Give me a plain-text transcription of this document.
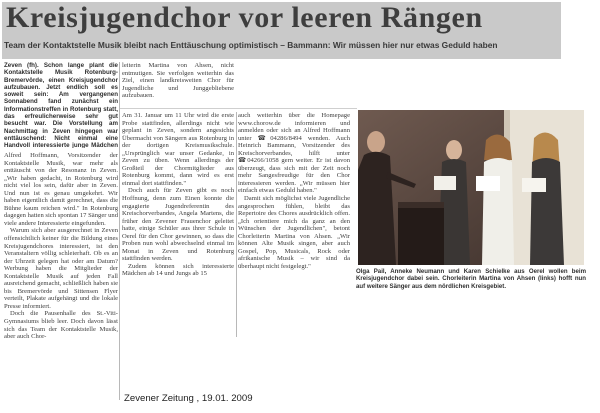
Kreisjugendchor vor leeren Rängen
Team der Kontaktstelle Musik bleibt nach Enttäuschung optimistisch – Bammann: Wir müssen hier nur etwas Geduld haben
Zeven (fh). Schon lange plant die Kontaktstelle Musik Rotenburg-Bremervörde, einen Kreisjugendchor aufzubauen. Jetzt endlich soll es soweit sein: Am vergangenen Sonnabend fand zunächst ein Informationstreffen in Rotenburg statt, das erfreulicherweise sehr gut besucht war. Die Vorstellung am Nachmittag in Zeven hingegen war enttäuschend: Nicht einmal eine Handvoll interessierte junge Mädchen

Alfred Hoffmann, Vorsitzender der Kontaktstelle Musik, war mehr als enttäuscht von der Resonanz in Zeven. „Wir haben gedacht, in Rotenburg wird nicht viel los sein, dafür aber in Zeven. Und nun ist es genau umgekehrt. Wir haben eigentlich damit gerechnet, dass die Bühne kaum reichen wird." In Rotenburg dagegen hatten sich spontan 17 Sänger und viele andere Interessierte eingefunden.

Warum sich aber ausgerechnet in Zeven offensichtlich keiner für die Bildung eines Kreisjugendchores interessiert, ist den Veranstaltern völlig schleierhaft. Ob es an der Uhrzeit gelegen hat oder am Datum? Werbung haben die Mitglieder der Kontaktstelle Musik auf jeden Fall ausreichend gemacht, schließlich haben sie bis Bremervörde und Sittensen Flyer verteilt, Plakate aufgehängt und die lokale Presse informiert.

Doch die Pausenhalle des St.-Viti-Gymnasiums blieb leer. Doch davon lässt sich das Team der Kontaktstelle Musik, aber auch Chor-

leiterin Martina von Ahsen, nicht entmutigen. Sie verfolgen weiterhin das Ziel, einen landkreisweiten Chor für Jugendliche und Junggebliebene aufzubauen.

Am 31. Januar um 11 Uhr wird die erste Probe stattfinden, allerdings nicht wie geplant in Zeven, sondern angesichts Übermacht von Sängern aus Rotenburg in der dortigen Kreismusikschule. „Ursprünglich war unser Gedanke, in Zeven zu üben. Wenn allerdings der Großteil der Chormitglieder aus Rotenburg kommt, dann wird es erst einmal dort stattfinden."

Doch auch für Zeven gibt es noch Hoffnung, denn zum Einen konnte die engagierte Jugendreferentin des Kreischorverbandes, Angela Martens, die früher den Zevener Frauenchor geleitet hatte, einige Schüler aus ihrer Schule in Oerel für den Chor gewinnen, so dass die Proben nun wohl abwechselnd einmal im Monat in Zeven und Rotenburg stattfinden werden.

Zudem können sich interessierte Mädchen ab 14 und Jungs ab 15

auch weiterhin über die Homepage www.chorow.de informieren und anmelden oder sich an Alfred Hoffmann unter ☎04286/8494 wenden. Auch Heinrich Bammann, Vorsitzender des Kreischorverbandes, hilft unter ☎04266/1058 gern weiter. Er ist davon überzeugt, dass sich mit der Zeit noch mehr Sangesfreudige für den Chor interessieren werden. „Wir müssen hier einfach etwas Geduld haben."

Damit sich möglichst viele Jugendliche angesprochen fühlen, bleibt das Repertoire des Chores ausdrücklich offen. „Ich orientiere mich da ganz an den Wünschen der Jugendlichen", betont Chorleiterin Martina von Ahsen. „Wir können Alte Musik singen, aber auch Gospel, Pop, Musicals, Rock oder afrikanische Musik – wir sind da überhaupt nicht festgelegt."

Olga Pail, Anneke Neumann und Karen Schielke aus Oerel wollen beim Kreisjugendchor dabei sein. Chorleiterin Martina von Ahsen (links) hofft nun auf weitere Sänger aus dem nördlichen Kreisgebiet.
Zevener Zeitung , 19.01. 2009
